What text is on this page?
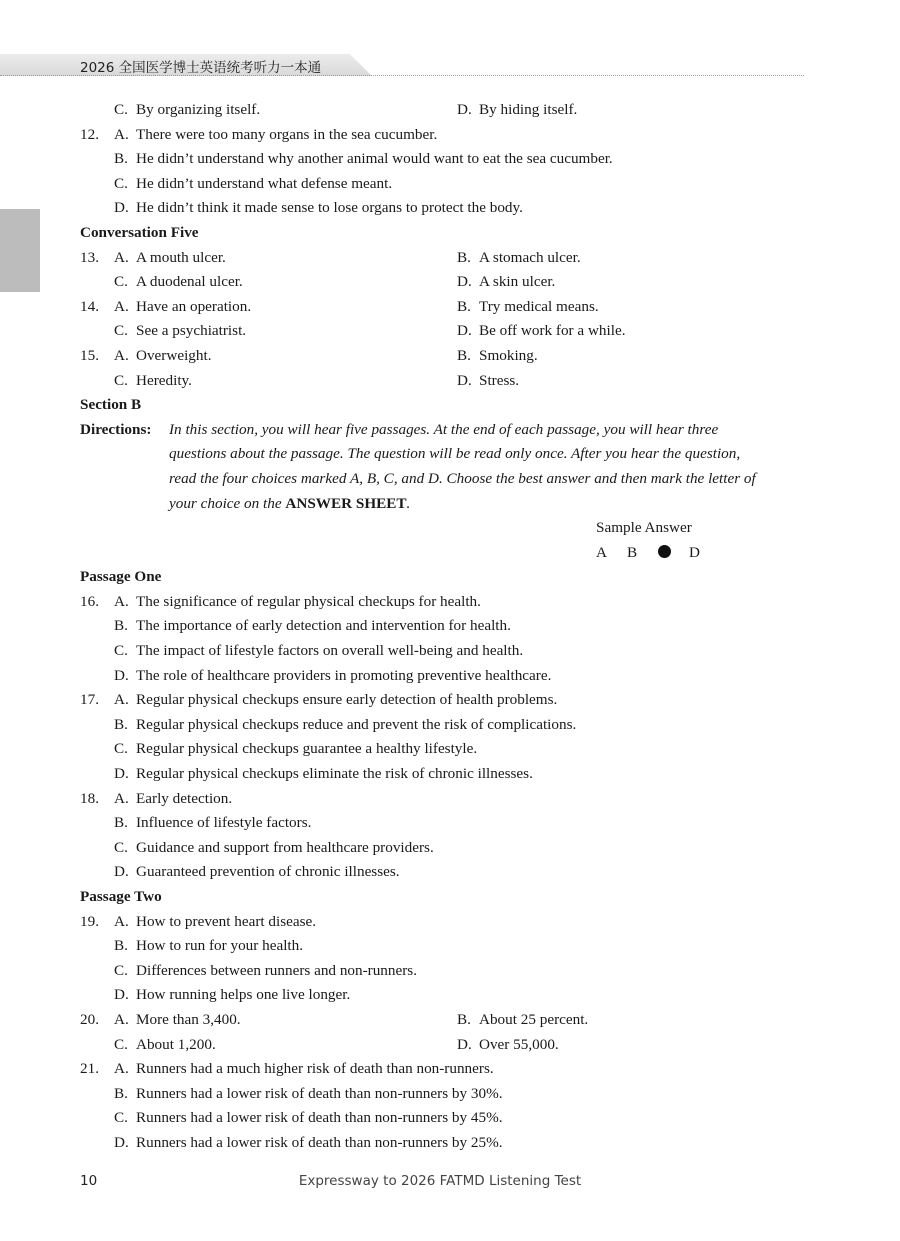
2026 全国医学博士英语统考听力一本通
C. By organizing itself.	D. By hiding itself.
12. A. There were too many organs in the sea cucumber.
B. He didn’t understand why another animal would want to eat the sea cucumber.
C. He didn’t understand what defense meant.
D. He didn’t think it made sense to lose organs to protect the body.
Conversation Five
13. A. A mouth ulcer.	B. A stomach ulcer.
C. A duodenal ulcer.	D. A skin ulcer.
14. A. Have an operation.	B. Try medical means.
C. See a psychiatrist.	D. Be off work for a while.
15. A. Overweight.	B. Smoking.
C. Heredity.	D. Stress.
Section B
Directions: In this section, you will hear five passages. At the end of each passage, you will hear three
questions about the passage. The question will be read only once. After you hear the question,
read the four choices marked A, B, C, and D. Choose the best answer and then mark the letter of
your choice on the ANSWER SHEET.
Sample Answer
A B	D
Passage One
16. A. The significance of regular physical checkups for health.
B. The importance of early detection and intervention for health.
C. The impact of lifestyle factors on overall well-being and health.
D. The role of healthcare providers in promoting preventive healthcare.
17. A. Regular physical checkups ensure early detection of health problems.
B. Regular physical checkups reduce and prevent the risk of complications.
C. Regular physical checkups guarantee a healthy lifestyle.
D. Regular physical checkups eliminate the risk of chronic illnesses.
18. A. Early detection.
B. Influence of lifestyle factors.
C. Guidance and support from healthcare providers.
D. Guaranteed prevention of chronic illnesses.
Passage Two
19. A. How to prevent heart disease.
B. How to run for your health.
C. Differences between runners and non-runners.
D. How running helps one live longer.
20. A. More than 3,400.	B. About 25 percent.
C. About 1,200.	D. Over 55,000.
21. A. Runners had a much higher risk of death than non-runners.
B. Runners had a lower risk of death than non-runners by 30%.
C. Runners had a lower risk of death than non-runners by 45%.
D. Runners had a lower risk of death than non-runners by 25%.
10	Expressway to 2026 FATMD Listening Test
